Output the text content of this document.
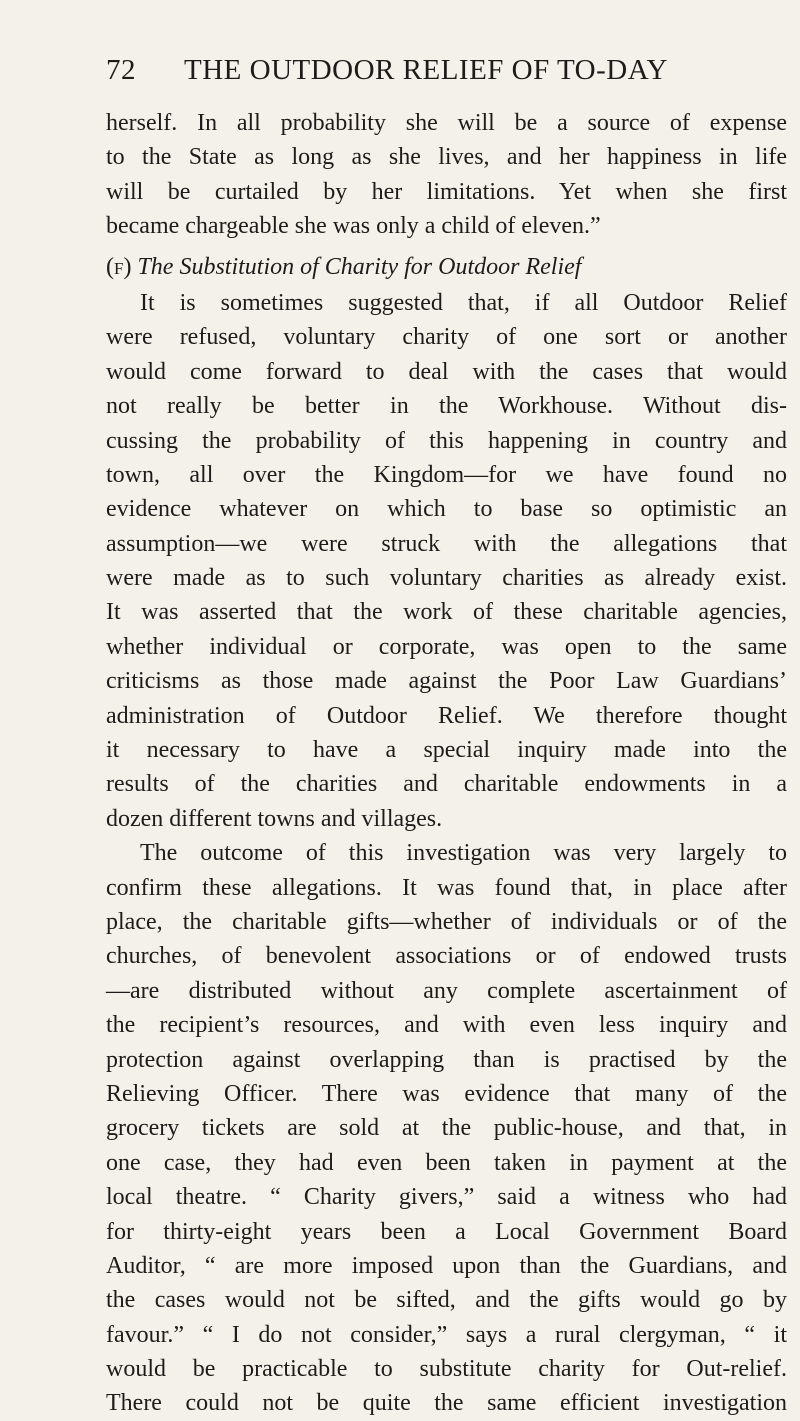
72 THE OUTDOOR RELIEF OF TO-DAY
herself. In all probability she will be a source of expense
to the State as long as she lives, and her happiness in life
will be curtailed by her limitations. Yet when she first
became chargeable she was only a child of eleven.”
(f) The Substitution of Charity for Outdoor Relief
It is sometimes suggested that, if all Outdoor Relief
were refused, voluntary charity of one sort or another
would come forward to deal with the cases that would
not really be better in the Workhouse. Without dis-
cussing the probability of this happening in country and
town, all over the Kingdom—for we have found no
evidence whatever on which to base so optimistic an
assumption—we were struck with the allegations that
were made as to such voluntary charities as already exist.
It was asserted that the work of these charitable agencies,
whether individual or corporate, was open to the same
criticisms as those made against the Poor Law Guardians’
administration of Outdoor Relief. We therefore thought
it necessary to have a special inquiry made into the
results of the charities and charitable endowments in a
dozen different towns and villages.
The outcome of this investigation was very largely to
confirm these allegations. It was found that, in place after
place, the charitable gifts—whether of individuals or of the
churches, of benevolent associations or of endowed trusts
—are distributed without any complete ascertainment of
the recipient’s resources, and with even less inquiry and
protection against overlapping than is practised by the
Relieving Officer. There was evidence that many of the
grocery tickets are sold at the public-house, and that, in
one case, they had even been taken in payment at the
local theatre. “ Charity givers,” said a witness who had
for thirty-eight years been a Local Government Board
Auditor, “ are more imposed upon than the Guardians, and
the cases would not be sifted, and the gifts would go by
favour.” “ I do not consider,” says a rural clergyman, “ it
would be practicable to substitute charity for Out-relief.
There could not be quite the same efficient investigation
